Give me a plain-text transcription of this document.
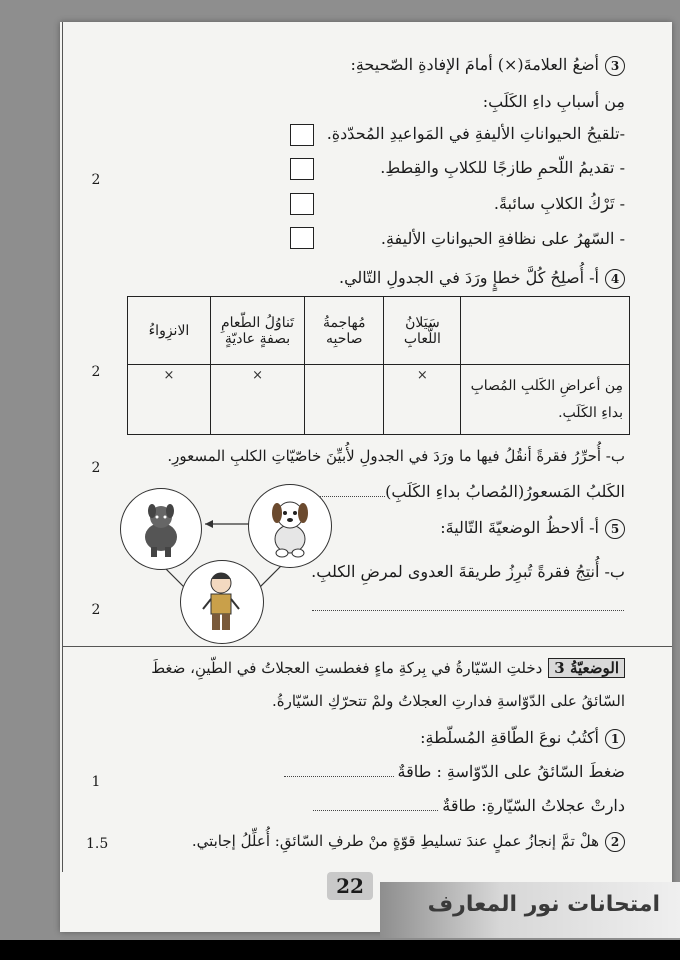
2
2
2
2
1
1.5
3أضعُ العلامةَ(×) أمامَ الإفادةِ الصّحيحةِ:
مِن أسبابِ داءِ الكَلَبِ:
-تلقيحُ الحيواناتِ الأليفةِ في المَواعيدِ المُحدّدةِ.
- تقديمُ اللّحمِ طازجًا للكلابِ والقِططِ.
- تَرْكُ الكلابِ سائبةً.
- السّهرُ على نظافةِ الحيواناتِ الأليفةِ.
4أ- أُصلِحُ كُلَّ خطإٍ ورَدَ في الجدولِ التّالي.
	سَيَلانُ اللُّعابِ	مُهاجمةُ صاحبِه	تَناوُلُ الطّعامِ بصفةٍ عاديّةٍ	الانزِواءُ
مِن أعراضِ الكَلبِ المُصابِ بداءِ الكَلَبِ.	×		×	×
ب- أُحرِّرُ فقرةً أنقُلُ فيها ما ورَدَ في الجدولِ لأُبيِّنَ خاصّيّاتِ الكلبِ المسعورِ.
الكَلبُ المَسعورُ(المُصابُ بداءِ الكَلَبِ)
5أ- ألاحظُ الوضعيّةَ التّاليةَ:
ب- أُنتِجُ فقرةً تُبرِزُ طريقةَ العدوى لمرضِ الكلبِ.
الوضعيّةُ 3دخلتِ السّيّارةُ في بِركةِ ماءٍ فغطستِ العجلاتُ في الطّينِ، ضغطَ
السّائقُ على الدّوّاسةِ فدارتِ العجلاتُ ولمْ تتحرّكِ السّيّارةُ.
1أكتُبُ نوعَ الطّاقةِ المُسلّطةِ:
ضغطَ السّائقُ على الدّوّاسةِ : طاقةٌ
دارتْ عجلاتُ السّيّارةِ: طاقةٌ
2هلْ تمَّ إنجازُ عملٍ عندَ تسليطِ قوّةٍ منْ طرفِ السّائقِ: أُعلِّلُ إجابتي.
22
امتحانات نور المعارف
